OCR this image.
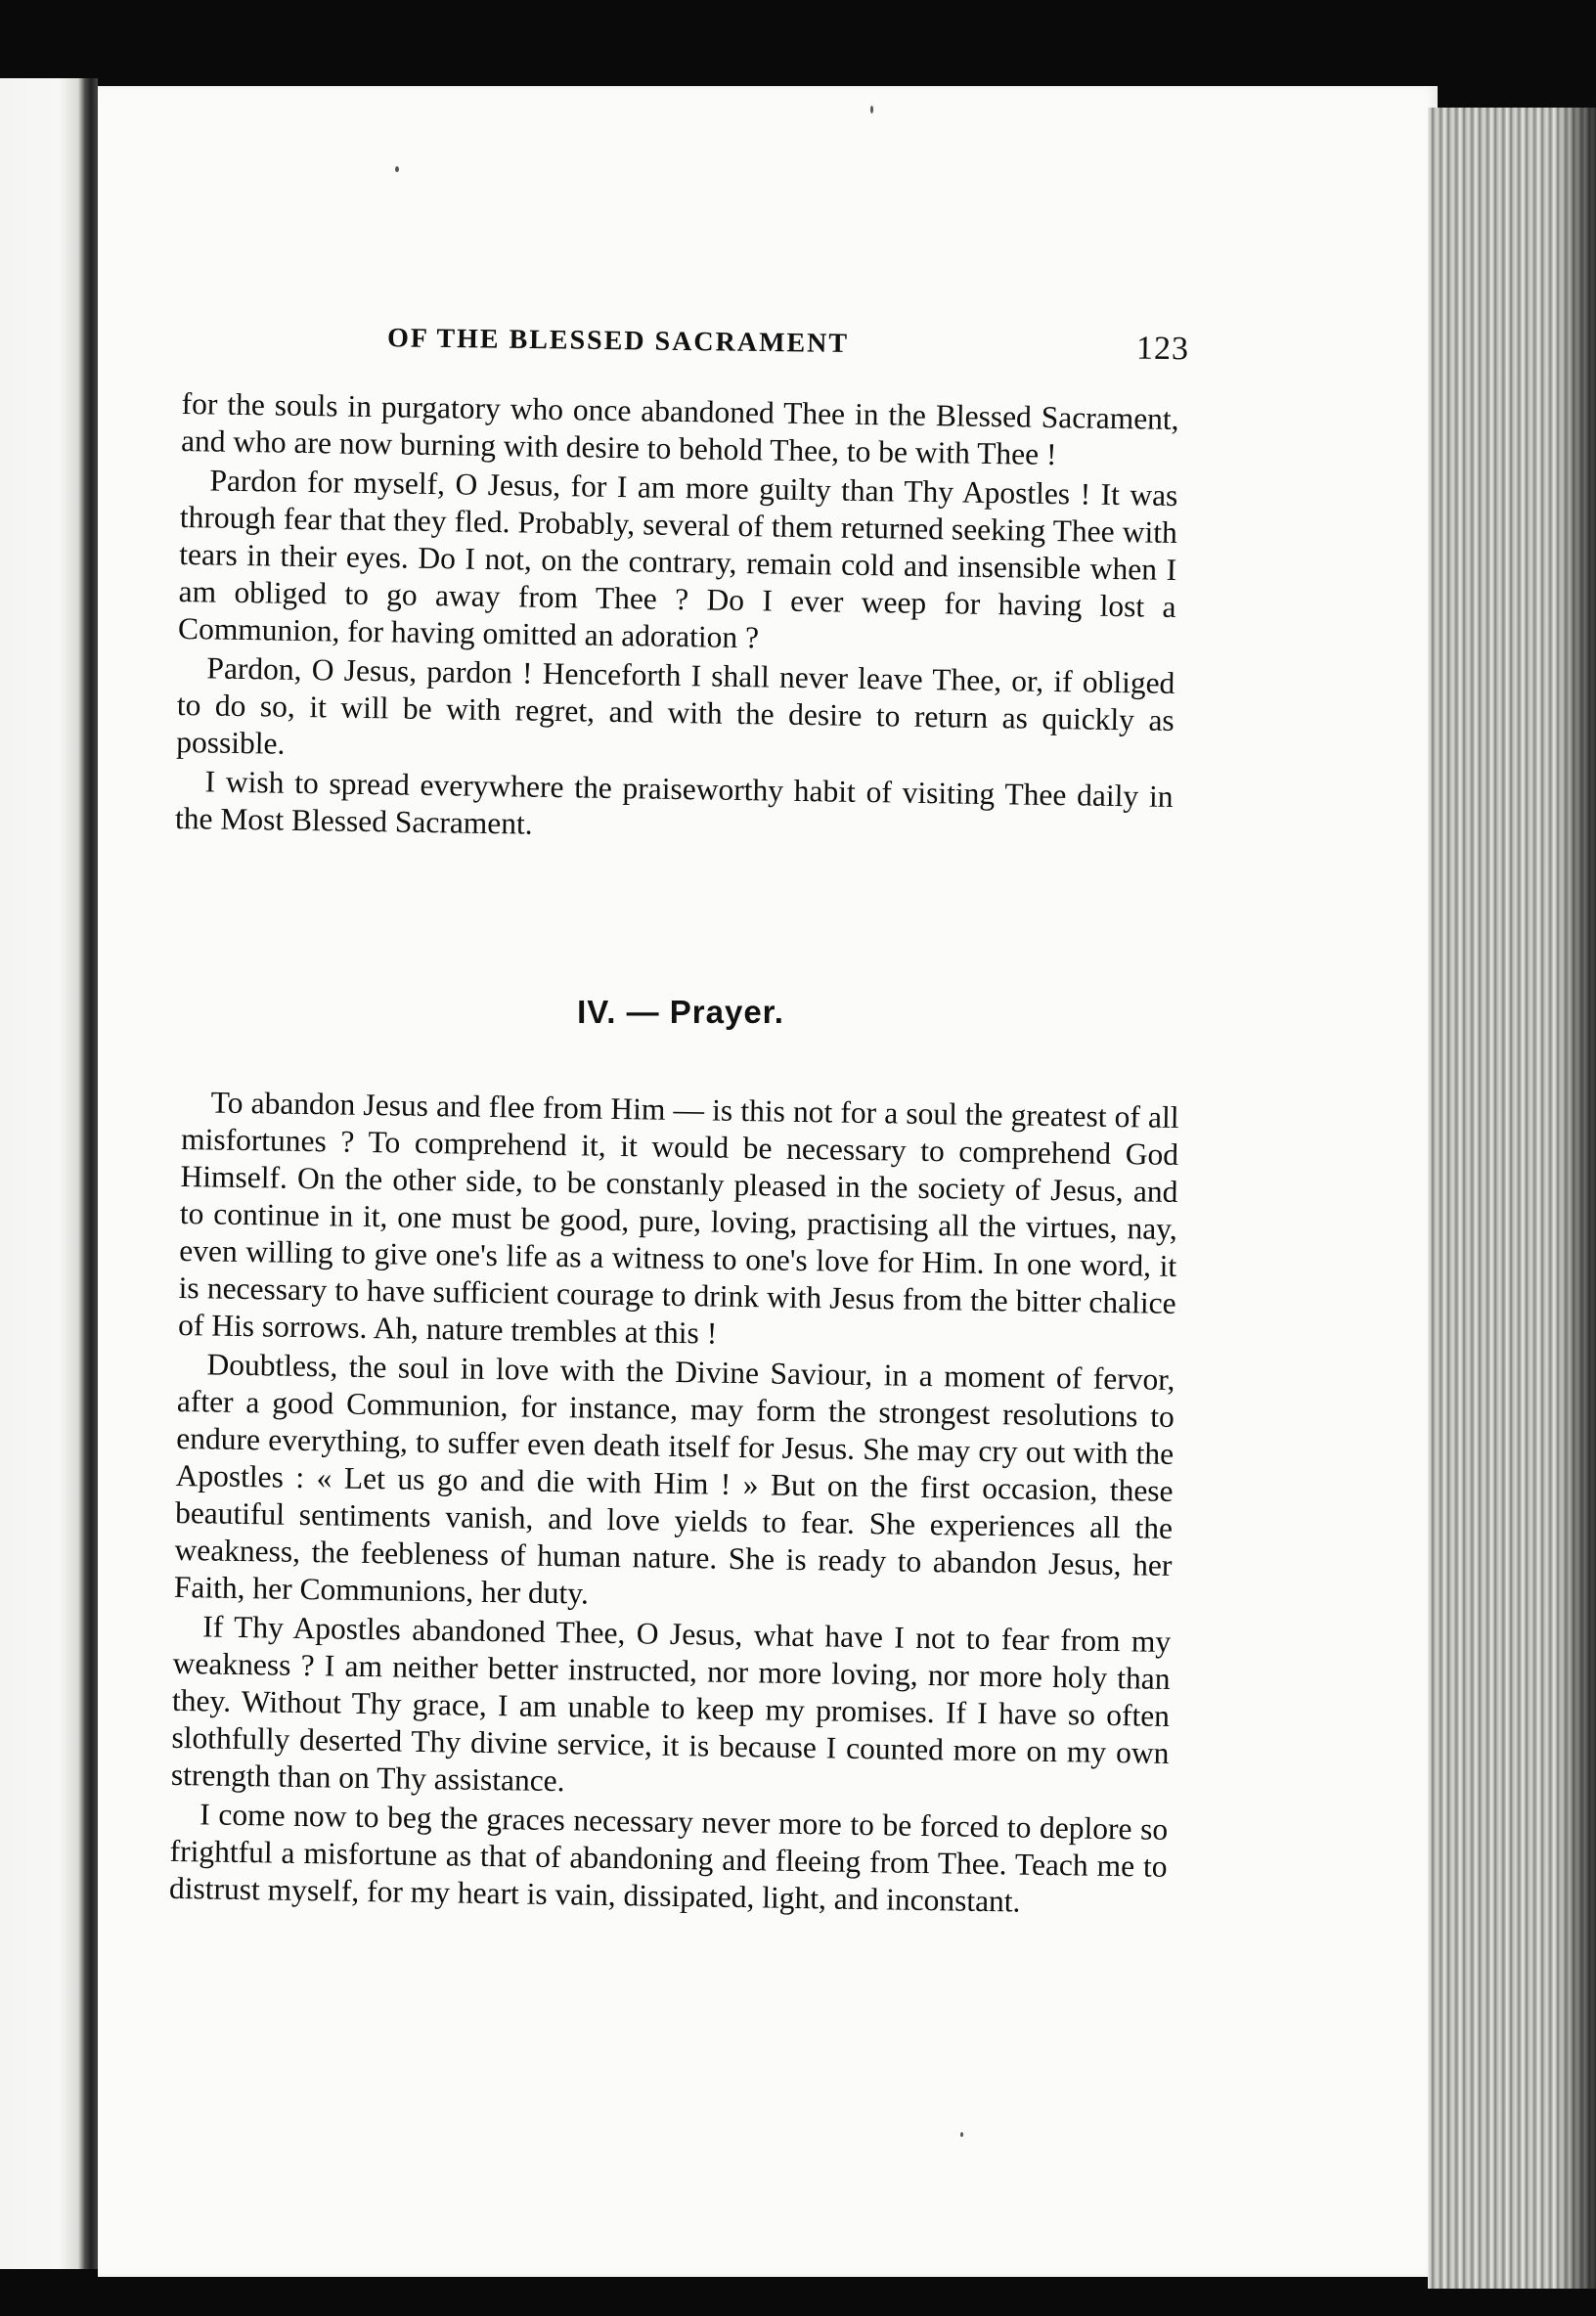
OF THE BLESSED SACRAMENT	123

for the souls in purgatory who once abandoned Thee in the Blessed Sacrament, and who are now burning with desire to behold Thee, to be with Thee !

Pardon for myself, O Jesus, for I am more guilty than Thy Apostles ! It was through fear that they fled. Probably, several of them returned seeking Thee with tears in their eyes. Do I not, on the contrary, remain cold and insensible when I am obliged to go away from Thee ? Do I ever weep for having lost a Communion, for having omitted an adoration ?

Pardon, O Jesus, pardon ! Henceforth I shall never leave Thee, or, if obliged to do so, it will be with regret, and with the desire to return as quickly as possible.

I wish to spread everywhere the praiseworthy habit of visiting Thee daily in the Most Blessed Sacrament.

IV. — Prayer.

To abandon Jesus and flee from Him — is this not for a soul the greatest of all misfortunes ? To comprehend it, it would be necessary to comprehend God Himself. On the other side, to be constanly pleased in the society of Jesus, and to continue in it, one must be good, pure, loving, practising all the virtues, nay, even willing to give one's life as a witness to one's love for Him. In one word, it is necessary to have sufficient courage to drink with Jesus from the bitter chalice of His sorrows. Ah, nature trembles at this !

Doubtless, the soul in love with the Divine Saviour, in a moment of fervor, after a good Communion, for instance, may form the strongest resolutions to endure everything, to suffer even death itself for Jesus. She may cry out with the Apostles : « Let us go and die with Him ! » But on the first occasion, these beautiful sentiments vanish, and love yields to fear. She experiences all the weakness, the feebleness of human nature. She is ready to abandon Jesus, her Faith, her Communions, her duty.

If Thy Apostles abandoned Thee, O Jesus, what have I not to fear from my weakness ? I am neither better instructed, nor more loving, nor more holy than they. Without Thy grace, I am unable to keep my promises. If I have so often slothfully deserted Thy divine service, it is because I counted more on my own strength than on Thy assistance.

I come now to beg the graces necessary never more to be forced to deplore so frightful a misfortune as that of abandoning and fleeing from Thee. Teach me to distrust myself, for my heart is vain, dissipated, light, and inconstant.
